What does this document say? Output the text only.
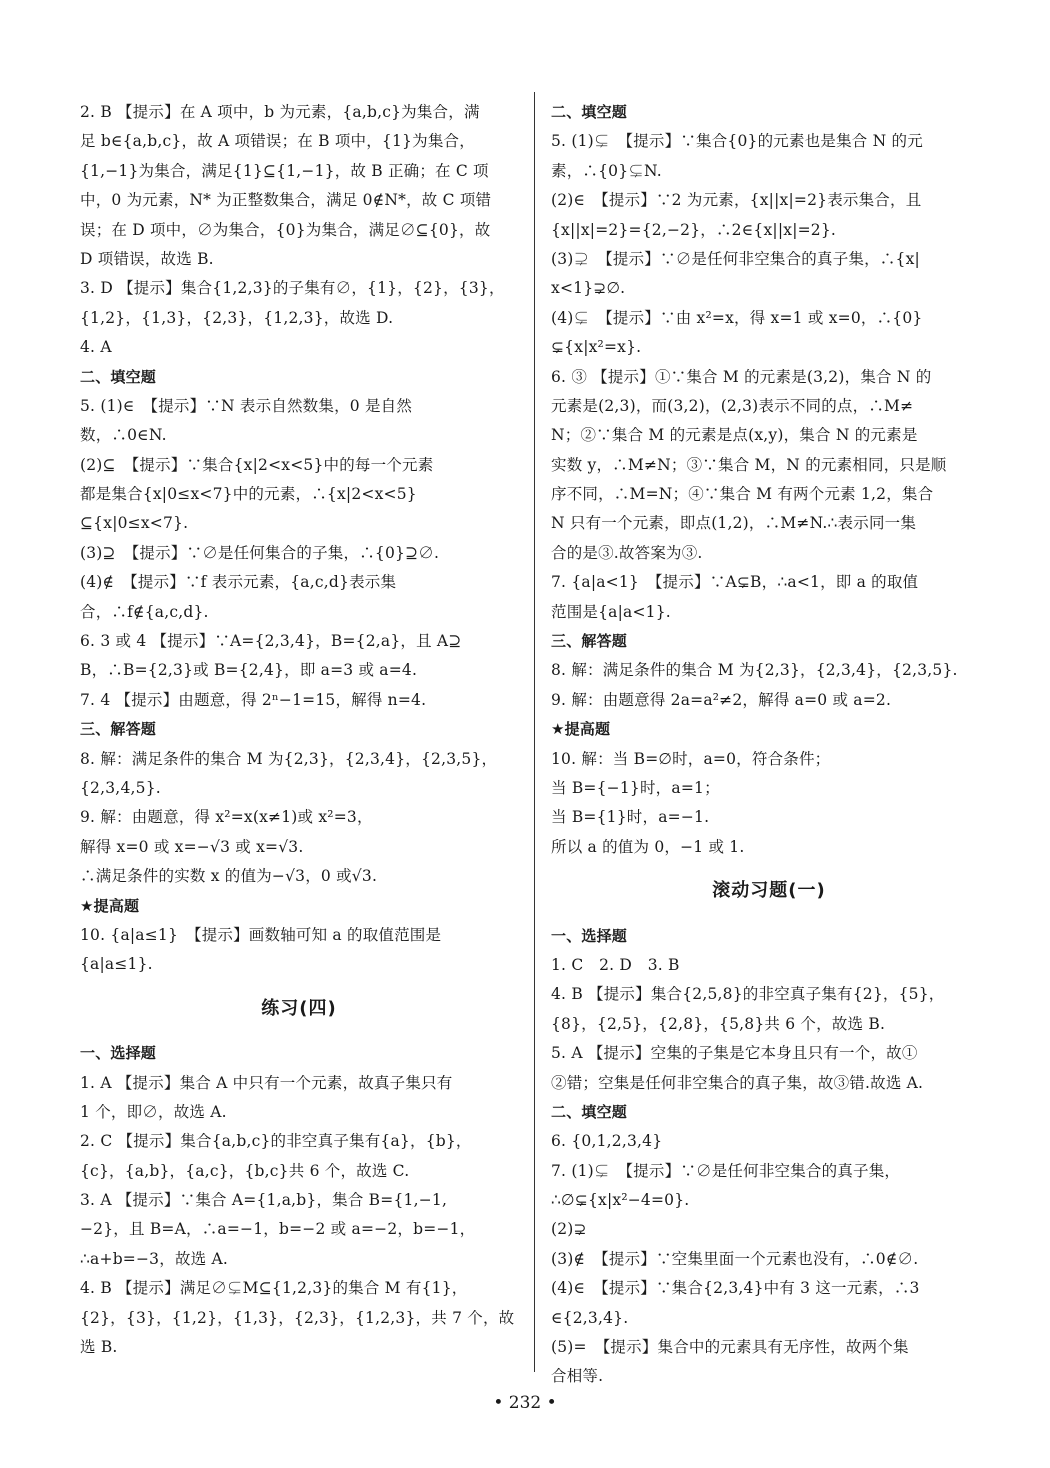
2. B 【提示】在 A 项中，b 为元素，{a,b,c}为集合，满
足 b∈{a,b,c}，故 A 项错误；在 B 项中，{1}为集合，
{1,−1}为集合，满足{1}⊆{1,−1}，故 B 正确；在 C 项
中，0 为元素，N* 为正整数集合，满足 0∉N*，故 C 项错
误；在 D 项中，∅为集合，{0}为集合，满足∅⊆{0}，故
D 项错误，故选 B.
3. D 【提示】集合{1,2,3}的子集有∅，{1}，{2}，{3}，
{1,2}，{1,3}，{2,3}，{1,2,3}，故选 D.
4. A
二、填空题
5. (1)∈　【提示】∵N 表示自然数集，0 是自然
数，∴0∈N.
(2)⊆　【提示】∵集合{x|2<x<5}中的每一个元素
都是集合{x|0≤x<7}中的元素，∴{x|2<x<5}
⊆{x|0≤x<7}.
(3)⊇　【提示】∵∅是任何集合的子集，∴{0}⊇∅.
(4)∉　【提示】∵f 表示元素，{a,c,d}表示集
合，∴f∉{a,c,d}.
6. 3 或 4 【提示】∵A={2,3,4}，B={2,a}，且 A⊇
B，∴B={2,3}或 B={2,4}，即 a=3 或 a=4.
7. 4 【提示】由题意，得 2ⁿ−1=15，解得 n=4.
三、解答题
8. 解：满足条件的集合 M 为{2,3}，{2,3,4}，{2,3,5}，
{2,3,4,5}.
9. 解：由题意，得 x²=x(x≠1)或 x²=3，
解得 x=0 或 x=−√3 或 x=√3.
∴满足条件的实数 x 的值为−√3，0 或√3.
★提高题
10. {a|a≤1}　【提示】画数轴可知 a 的取值范围是
{a|a≤1}.
练习(四)
一、选择题
1. A 【提示】集合 A 中只有一个元素，故真子集只有
1 个，即∅，故选 A.
2. C 【提示】集合{a,b,c}的非空真子集有{a}，{b}，
{c}，{a,b}，{a,c}，{b,c}共 6 个，故选 C.
3. A 【提示】∵集合 A={1,a,b}，集合 B={1,−1,
−2}，且 B=A，∴a=−1，b=−2 或 a=−2，b=−1，
∴a+b=−3，故选 A.
4. B 【提示】满足∅⊊M⊆{1,2,3}的集合 M 有{1}，
{2}，{3}，{1,2}，{1,3}，{2,3}，{1,2,3}，共 7 个，故
选 B.
二、填空题
5. (1)⊊　【提示】∵集合{0}的元素也是集合 N 的元
素，∴{0}⊊N.
(2)∈　【提示】∵2 为元素，{x||x|=2}表示集合，且
{x||x|=2}={2,−2}，∴2∈{x||x|=2}.
(3)⊋　【提示】∵∅是任何非空集合的真子集，∴{x|
x<1}⊋∅.
(4)⊊　【提示】∵由 x²=x，得 x=1 或 x=0，∴{0}
⊊{x|x²=x}.
6. ③ 【提示】①∵集合 M 的元素是(3,2)，集合 N 的
元素是(2,3)，而(3,2)，(2,3)表示不同的点，∴M≠
N；②∵集合 M 的元素是点(x,y)，集合 N 的元素是
实数 y，∴M≠N；③∵集合 M，N 的元素相同，只是顺
序不同，∴M=N；④∵集合 M 有两个元素 1,2，集合
N 只有一个元素，即点(1,2)，∴M≠N.∴表示同一集
合的是③.故答案为③.
7. {a|a<1}　【提示】∵A⊊B，∴a<1，即 a 的取值
范围是{a|a<1}.
三、解答题
8. 解：满足条件的集合 M 为{2,3}，{2,3,4}，{2,3,5}.
9. 解：由题意得 2a=a²≠2，解得 a=0 或 a=2.
★提高题
10. 解：当 B=∅时，a=0，符合条件；
当 B={−1}时，a=1；
当 B={1}时，a=−1.
所以 a 的值为 0，−1 或 1.
滚动习题(一)
一、选择题
1. C　2. D　3. B
4. B 【提示】集合{2,5,8}的非空真子集有{2}，{5}，
{8}，{2,5}，{2,8}，{5,8}共 6 个，故选 B.
5. A 【提示】空集的子集是它本身且只有一个，故①
②错；空集是任何非空集合的真子集，故③错.故选 A.
二、填空题
6. {0,1,2,3,4}
7. (1)⊊　【提示】∵∅是任何非空集合的真子集，
∴∅⊊{x|x²−4=0}.
(2)⊋
(3)∉　【提示】∵空集里面一个元素也没有，∴0∉∅.
(4)∈　【提示】∵集合{2,3,4}中有 3 这一元素，∴3
∈{2,3,4}.
(5)=　【提示】集合中的元素具有无序性，故两个集
合相等.
• 232 •
